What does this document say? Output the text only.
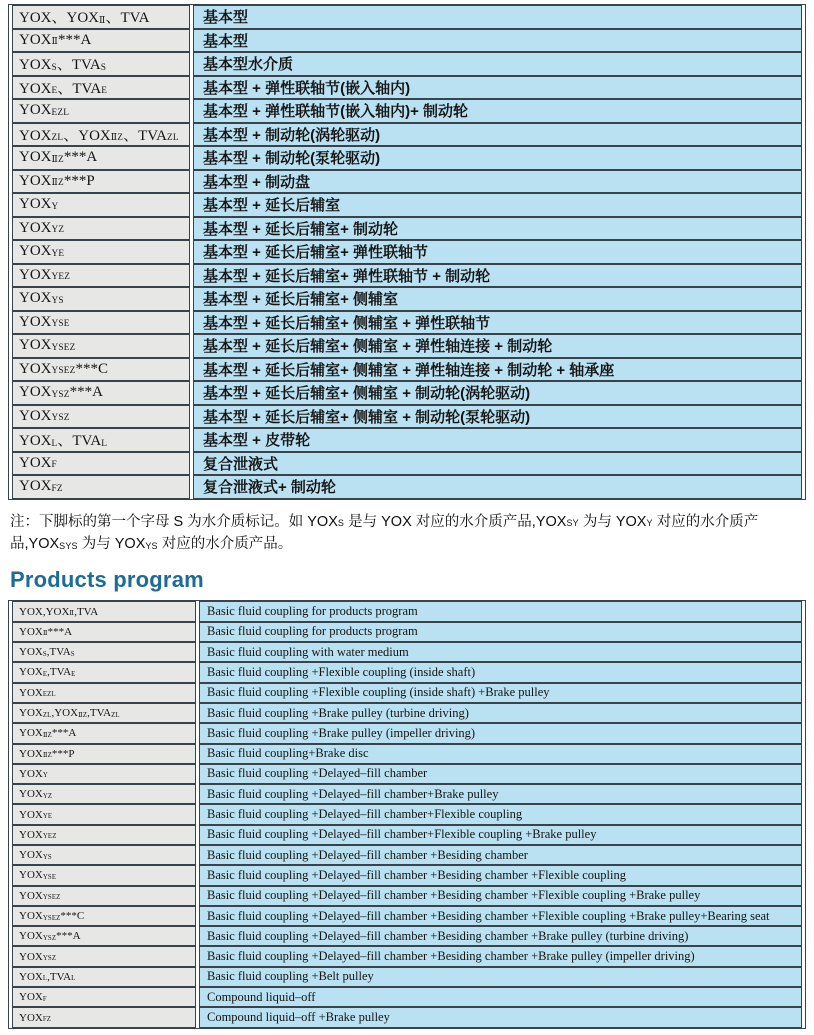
YOX、$YOX_Ⅱ$、TVA	基本型
$YOX_Ⅱ***A$	基本型
$YOX_S$、$TVA_S$	基本型水介质
$YOX_E$、$TVA_E$	基本型 + 弹性联轴节(嵌入轴内)
$YOX_{EZL}$	基本型 + 弹性联轴节(嵌入轴内)+ 制动轮
$YOX_{ZL}$、$YOX_{ⅡZ}$、$TVA_{ZL}$	基本型 + 制动轮(涡轮驱动)
$YOX_{ⅡZ}***A$	基本型 + 制动轮(泵轮驱动)
$YOX_{ⅡZ}***P$	基本型 + 制动盘
$YOX_Y$	基本型 + 延长后辅室
$YOX_{YZ}$	基本型 + 延长后辅室+ 制动轮
$YOX_{YE}$	基本型 + 延长后辅室+ 弹性联轴节
$YOX_{YEZ}$	基本型 + 延长后辅室+ 弹性联轴节 + 制动轮
$YOX_{YS}$	基本型 + 延长后辅室+ 侧辅室
$YOX_{YSE}$	基本型 + 延长后辅室+ 侧辅室 + 弹性联轴节
$YOX_{YSEZ}$	基本型 + 延长后辅室+ 侧辅室 + 弹性轴连接 + 制动轮
$YOX_{YSEZ}***C$	基本型 + 延长后辅室+ 侧辅室 + 弹性轴连接 + 制动轮 + 轴承座
$YOX_{YSZ}***A$	基本型 + 延长后辅室+ 侧辅室 + 制动轮(涡轮驱动)
$YOX_{YSZ}$	基本型 + 延长后辅室+ 侧辅室 + 制动轮(泵轮驱动)
$YOX_L$、$TVA_L$	基本型 + 皮带轮
$YOX_F$	复合泄液式
$YOX_{FZ}$	复合泄液式+ 制动轮

注：下脚标的第一个字母 S 为水介质标记。如 $YOX_S$ 是与 YOX 对应的水介质产品$,YOX_{SY}$ 为与 $YOX_Y$ 对应的水介质产品$,YOX_{SYS}$ 为与 $YOX_{YS}$ 对应的水介质产品。

Products program
$YOX,YOX_Ⅱ,TVA$	Basic fluid coupling for products program
$YOX_Ⅱ***A$	Basic fluid coupling for products program
$YOX_S,TVA_S$	Basic fluid coupling with water medium
$YOX_E,TVA_E$	Basic fluid coupling +Flexible coupling (inside shaft)
$YOX_{EZL}$	Basic fluid coupling +Flexible coupling (inside shaft) +Brake pulley
$YOX_{ZL},YOX_{ⅡZ},TVA_{ZL}$	Basic fluid coupling +Brake pulley (turbine driving)
$YOX_{ⅡZ}***A$	Basic fluid coupling +Brake pulley (impeller driving)
$YOX_{ⅡZ}***P$	Basic fluid coupling+Brake disc
$YOX_Y$	Basic fluid coupling +Delayed–fill chamber
$YOX_{YZ}$	Basic fluid coupling +Delayed–fill chamber+Brake pulley
$YOX_{YE}$	Basic fluid coupling +Delayed–fill chamber+Flexible coupling
$YOX_{YEZ}$	Basic fluid coupling +Delayed–fill chamber+Flexible coupling +Brake pulley
$YOX_{YS}$	Basic fluid coupling +Delayed–fill chamber +Besiding chamber
$YOX_{YSE}$	Basic fluid coupling +Delayed–fill chamber +Besiding chamber +Flexible coupling
$YOX_{YSEZ}$	Basic fluid coupling +Delayed–fill chamber +Besiding chamber +Flexible coupling +Brake pulley
$YOX_{YSEZ}***C$	Basic fluid coupling +Delayed–fill chamber +Besiding chamber +Flexible coupling +Brake pulley+Bearing seat
$YOX_{YSZ}***A$	Basic fluid coupling +Delayed–fill chamber +Besiding chamber +Brake pulley (turbine driving)
$YOX_{YSZ}$	Basic fluid coupling +Delayed–fill chamber +Besiding chamber +Brake pulley (impeller driving)
$YOX_L,TVA_L$	Basic fluid coupling +Belt pulley
$YOX_F$	Compound liquid–off
$YOX_{FZ}$	Compound liquid–off +Brake pulley
